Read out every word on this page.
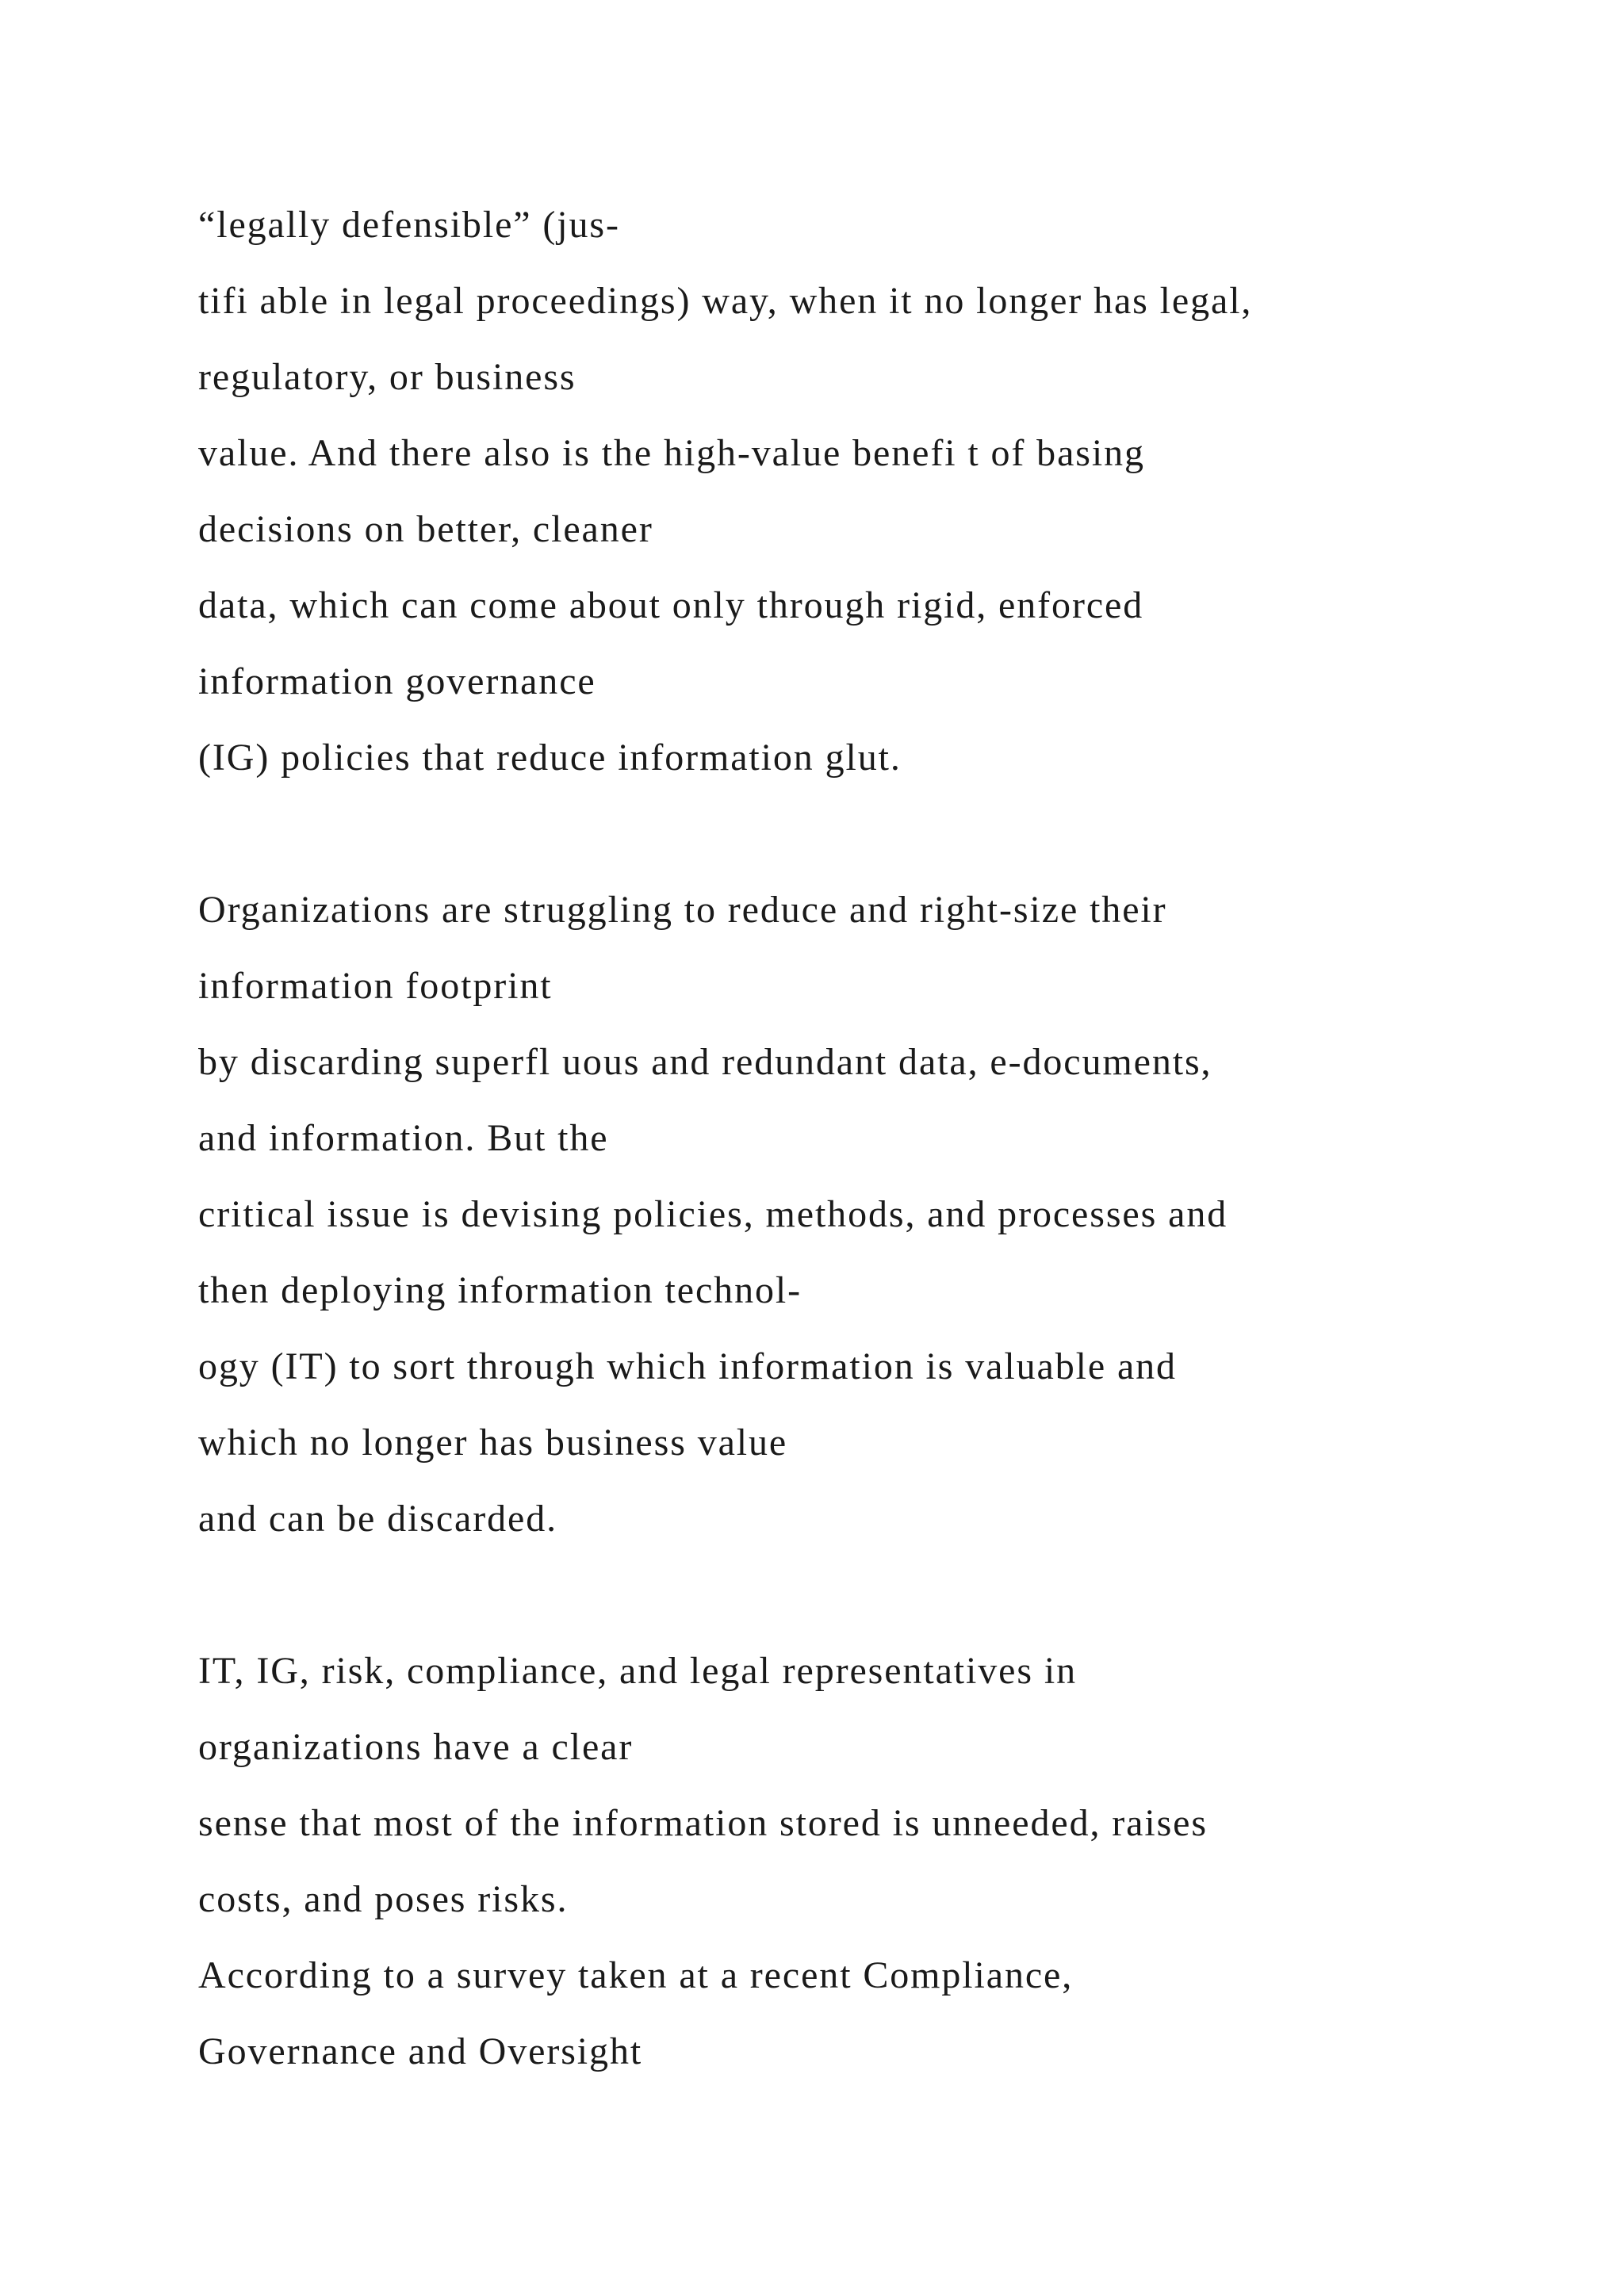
“legally defensible” (jus-
tifi able in legal proceedings) way, when it no longer has legal,
regulatory, or business
value. And there also is the high-value benefi t of basing
decisions on better, cleaner
data, which can come about only through rigid, enforced
information governance
(IG) policies that reduce information glut.
Organizations are struggling to reduce and right-size their
information footprint
by discarding superfl uous and redundant data, e-documents,
and information. But the
critical issue is devising policies, methods, and processes and
then deploying information technol-
ogy (IT) to sort through which information is valuable and
which no longer has business value
and can be discarded.
IT, IG, risk, compliance, and legal representatives in
organizations have a clear
sense that most of the information stored is unneeded, raises
costs, and poses risks.
According to a survey taken at a recent Compliance,
Governance and Oversight
